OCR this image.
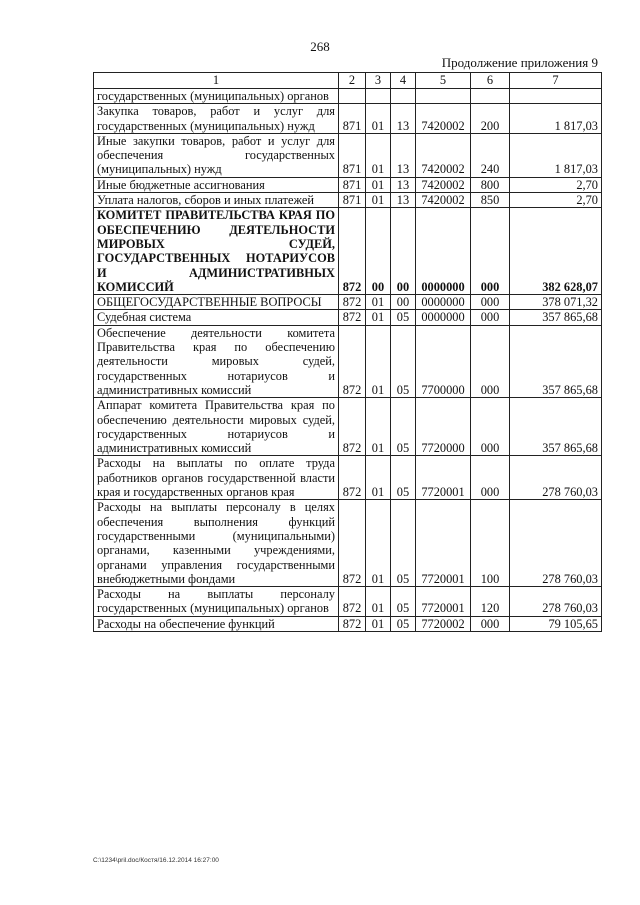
268
Продолжение приложения 9
1	2	3	4	5	6	7
государственных (муниципальных) органов						
Закупка товаров, работ и услуг для государственных (муниципальных) нужд	871	01	13	7420002	200	1 817,03
Иные закупки товаров, работ и услуг для обеспечения государственных (муниципальных) нужд	871	01	13	7420002	240	1 817,03
Иные бюджетные ассигнования	871	01	13	7420002	800	2,70
Уплата налогов, сборов и иных платежей	871	01	13	7420002	850	2,70
КОМИТЕТ ПРАВИТЕЛЬСТВА КРАЯ ПО ОБЕСПЕЧЕНИЮ ДЕЯТЕЛЬНОСТИ МИРОВЫХ СУДЕЙ, ГОСУДАРСТВЕННЫХ НОТАРИУСОВ И АДМИНИСТРАТИВНЫХ КОМИССИЙ	872	00	00	0000000	000	382 628,07
ОБЩЕГОСУДАРСТВЕННЫЕ ВОПРОСЫ	872	01	00	0000000	000	378 071,32
Судебная система	872	01	05	0000000	000	357 865,68
Обеспечение деятельности комитета Правительства края по обеспечению деятельности мировых судей, государственных нотариусов и административных комиссий	872	01	05	7700000	000	357 865,68
Аппарат комитета Правительства края по обеспечению деятельности мировых судей, государственных нотариусов и административных комиссий	872	01	05	7720000	000	357 865,68
Расходы на выплаты по оплате труда работников органов государственной власти края и государственных органов края	872	01	05	7720001	000	278 760,03
Расходы на выплаты персоналу в целях обеспечения выполнения функций государственными (муниципальными) органами, казенными учреждениями, органами управления государственными внебюджетными фондами	872	01	05	7720001	100	278 760,03
Расходы на выплаты персоналу государственных (муниципальных) органов	872	01	05	7720001	120	278 760,03
Расходы на обеспечение функций	872	01	05	7720002	000	79 105,65
C:\1234\pril.doc/Костя/16.12.2014 16:27:00
